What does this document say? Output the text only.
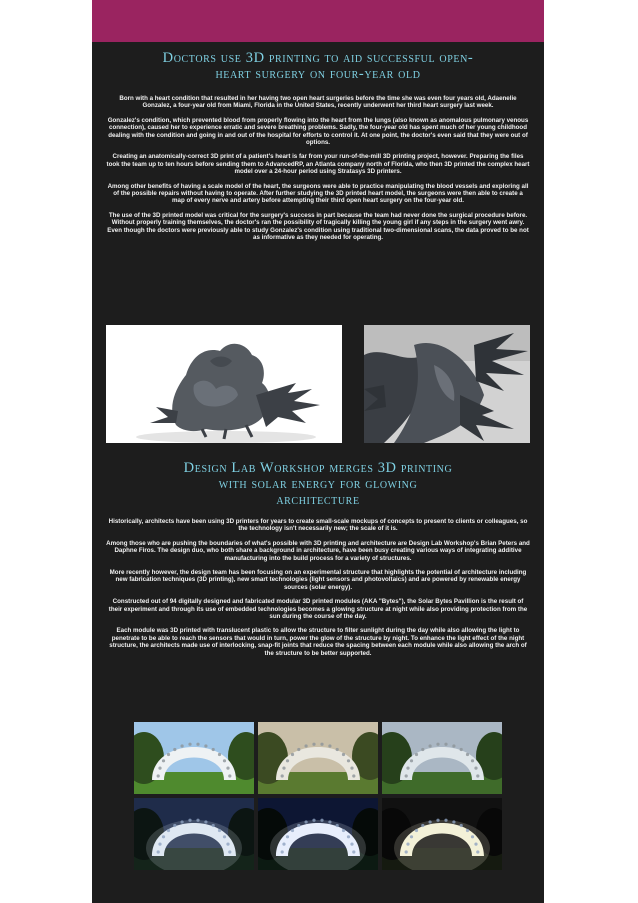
Doctors use 3D printing to aid successful open-
heart surgery on four-year old

Born with a heart condition that resulted in her having two open heart surgeries before the time she was even four years old, Adaenelie Gonzalez, a four-year old from Miami, Florida in the United States, recently underwent her third heart surgery last week.

Gonzalez's condition, which prevented blood from properly flowing into the heart from the lungs (also known as anomalous pulmonary venous connection), caused her to experience erratic and severe breathing problems. Sadly, the four-year old has spent much of her young childhood dealing with the condition and going in and out of the hospital for efforts to control it. At one point, the doctor's even said that they were out of options.

Creating an anatomically-correct 3D print of a patient's heart is far from your run-of-the-mill 3D printing project, however. Preparing the files took the team up to ten hours before sending them to AdvancedRP, an Atlanta company north of Florida, who then 3D printed the complex heart model over a 24-hour period using Stratasys 3D printers.

Among other benefits of having a scale model of the heart, the surgeons were able to practice manipulating the blood vessels and exploring all of the possible repairs without having to operate. After further studying the 3D printed heart model, the surgeons were then able to create a map of every nerve and artery before attempting their third open heart surgery on the four-year old.

The use of the 3D printed model was critical for the surgery's success in part because the team had never done the surgical procedure before. Without properly training themselves, the doctor's ran the possibility of tragically killing the young girl if any steps in the surgery went awry. Even though the doctors were previously able to study Gonzalez's condition using traditional two-dimensional scans, the data proved to be not as informative as they needed for operating.

Design Lab Workshop merges 3D printing
with solar energy for glowing
architecture

Historically, architects have been using 3D printers for years to create small-scale mockups of concepts to present to clients or colleagues, so the technology isn't necessarily new; the scale of it is.

Among those who are pushing the boundaries of what's possible with 3D printing and architecture are Design Lab Workshop's Brian Peters and Daphne Firos. The design duo, who both share a background in architecture, have been busy creating various ways of integrating additive manufacturing into the build process for a variety of structures.

More recently however, the design team has been focusing on an experimental structure that highlights the potential of architecture including new fabrication techniques (3D printing), new smart technologies (light sensors and photovoltaics) and are powered by renewable energy sources (solar energy).

Constructed out of 94 digitally designed and fabricated modular 3D printed modules (AKA "Bytes"), the Solar Bytes Pavillion is the result of their experiment and through its use of embedded technologies becomes a glowing structure at night while also providing protection from the sun during the course of the day.

Each module was 3D printed with translucent plastic to allow the structure to filter sunlight during the day while also allowing the light to penetrate to be able to reach the sensors that would in turn, power the glow of the structure by night. To enhance the light effect of the night structure, the architects made use of interlocking, snap-fit joints that reduce the spacing between each module while also allowing the arch of the structure to be better supported.
